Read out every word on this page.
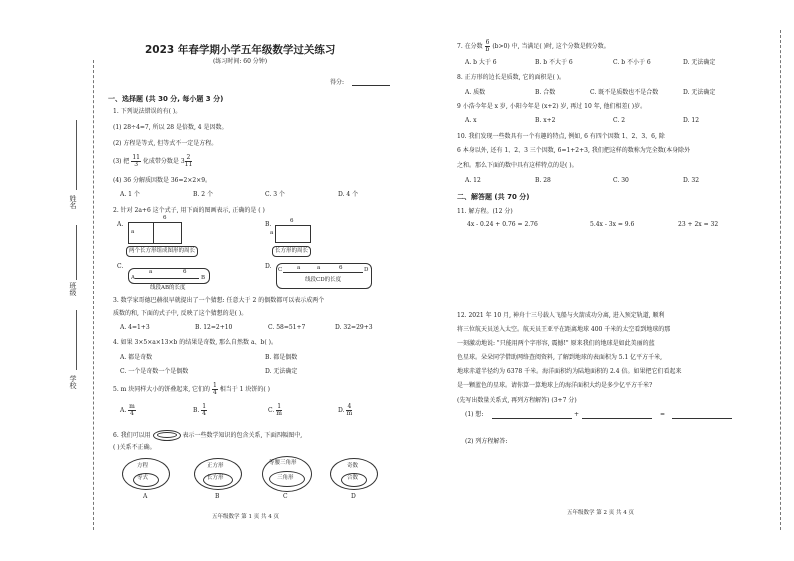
姓名
班级
学校
2023 年春学期小学五年级数学过关练习
(练习时间: 60 分钟)
得分:
一、选择题 (共 30 分, 每小题 3 分)
1. 下列说法错误的有( )。
(1) 28÷4=7, 所以 28 是倍数, 4 是因数。
(2) 方程是等式, 但等式不一定是方程。
(3) 把 $\frac{11}{3}$ 化成带分数是 $3 \frac{2}{11}$
(4) 36 分解质因数是 36=2×2×9。
A. 1 个	B. 2 个	C. 3 个	D. 4 个
2. 针对 2a+6 这个式子, 用下面的图画表示, 正确的是 ( )
A.
a
6
两个长方形组成图形的周长
B.
a
6
长方形的周长
C.
A
a	6
B
线段AB的长度
D. C	a	a	6	D
线段CD的长度
3. 数学家哥德巴赫很早就提出了一个猜想: 任意大于 2 的偶数都可以表示成两个
质数的和, 下面的式子中, 反映了这个猜想的是( )。
A. 4=1+3	B. 12=2+10	C. 58=51+7	D. 32=29+3
4. 如果 3×5×a×13×b 的结果是奇数, 那么自然数 a、b( )。
A. 都是奇数	B. 都是偶数
C. 一个是奇数一个是偶数	D. 无法确定
5. m 块同样大小的饼叠起来, 它们的 $\frac{1}{4}$ 相当于 1 块饼的( )
A. $\frac{m}{4}$	B. $\frac{1}{4}$	C. $\frac{1}{m}$	D. $\frac{4}{m}$
6. 我们可以用	表示一些数学知识的包含关系, 下面四幅图中,
( )关系不正确。
方程
等式
A
正方形
长方形
B
等腰三角形
三角形
C
奇数
合数
D
五年级数学 第 1 页 共 4 页
7. 在分数 $\frac{6}{b} (b>0)$ 中, 当满足( )时, 这个分数是假分数。
A. b 大于 6	B. b 不大于 6	C. b 不小于 6	D. 无法确定
8. 正方形的边长是质数, 它的面积是( )。
A. 质数	B. 合数	C. 既不是质数也不是合数	D. 无法确定
9 小浩今年是 x 岁, 小阳今年是 (x+2) 岁, 再过 10 年, 他们相差( )岁。
A. x	B. x+2	C. 2	D. 12
10. 我们发现一些数具有一个有趣的特点, 例如, 6 有四个因数 1、2、3、6, 除
6 本身以外, 还有 1、2、3 三个因数, 6=1+2+3, 我们把这样的数称为完全数(本身除外
之和。那么下面的数中具有这样特点的是( )。
A. 12	B. 28	C. 30	D. 32
二、解答题 (共 70 分)
11. 解方程。(12 分)
4x - 0.24 + 0.76 = 2.76	5.4x - 3x = 9.6	23 + 2x = 32
12. 2021 年 10 月, 神舟十三号载人飞船与火箭成功分离, 进入预定轨道, 顺利
将三位航天员送入太空。航天员王亚平在距离地球 400 千米的太空看到地球的那
一刻激动地说: "只能用两个字形容, 震撼!" 原来我们的地球是如此美丽的蓝
色星球。朵朵同学借助网络查阅资料, 了解到地球的表面积为 5.1 亿平方千米,
地球赤道半径约为 6378 千米。海洋面积约为陆地面积的 2.4 倍。如果把它们看起来
是一颗蓝色的星球。请你算一算地球上的海洋面积大约是多少亿平方千米?
(先写出数量关系式, 再列方程解答) (3+7 分)
(1) 想:	+	=
(2) 列方程解答:
五年级数学 第 2 页 共 4 页
